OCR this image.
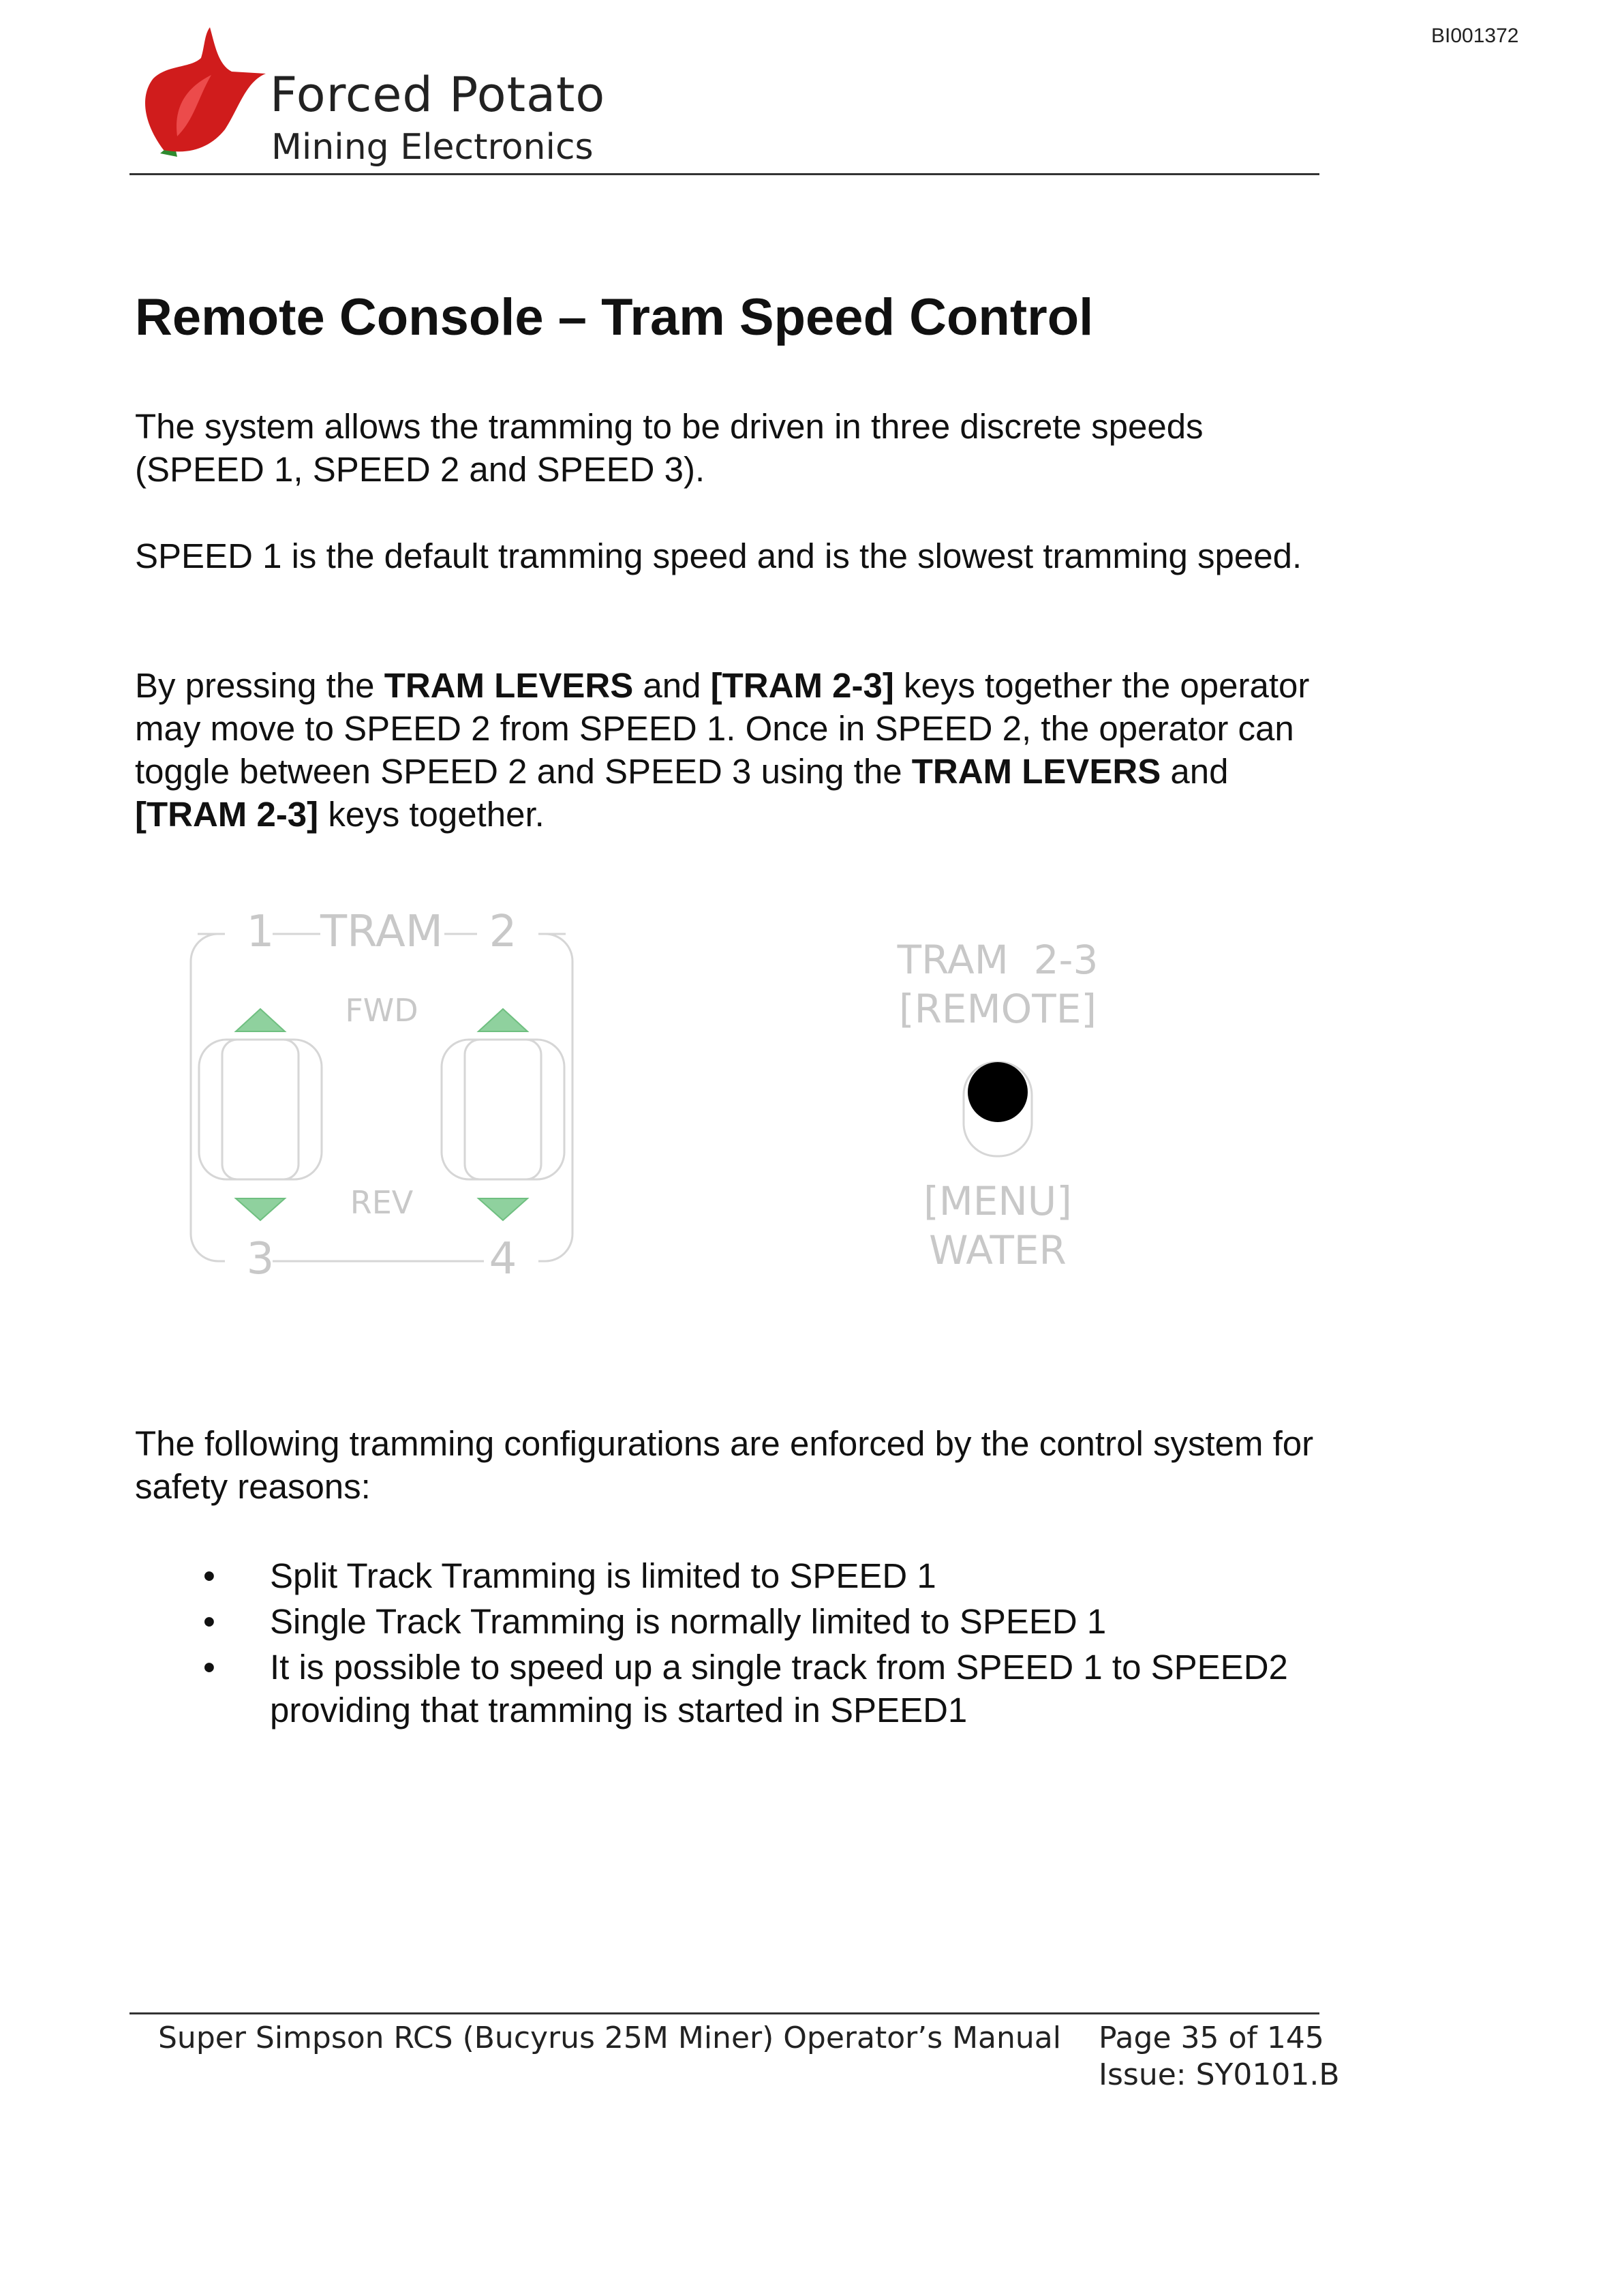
BI001372
Forced Potato
Mining Electronics
Remote Console – Tram Speed Control
The system allows the tramming to be driven in three discrete speeds (SPEED 1, SPEED 2 and SPEED 3).
SPEED 1 is the default tramming speed and is the slowest tramming speed.
By pressing the TRAM LEVERS and [TRAM 2-3] keys together the operator may move to SPEED 2 from SPEED 1. Once in SPEED 2, the operator can toggle between SPEED 2 and SPEED 3 using the TRAM LEVERS and [TRAM 2-3] keys together.
1 TRAM 2
FWD
REV
3	4
TRAM  2-3
[REMOTE]
[MENU]
WATER
The following tramming configurations are enforced by the control system for safety reasons:
• Split Track Tramming is limited to SPEED 1
• Single Track Tramming is normally limited to SPEED 1
• It is possible to speed up a single track from SPEED 1 to SPEED2 providing that tramming is started in SPEED1
Super Simpson RCS (Bucyrus 25M Miner) Operator’s Manual Page 35 of 145
Issue: SY0101.B
